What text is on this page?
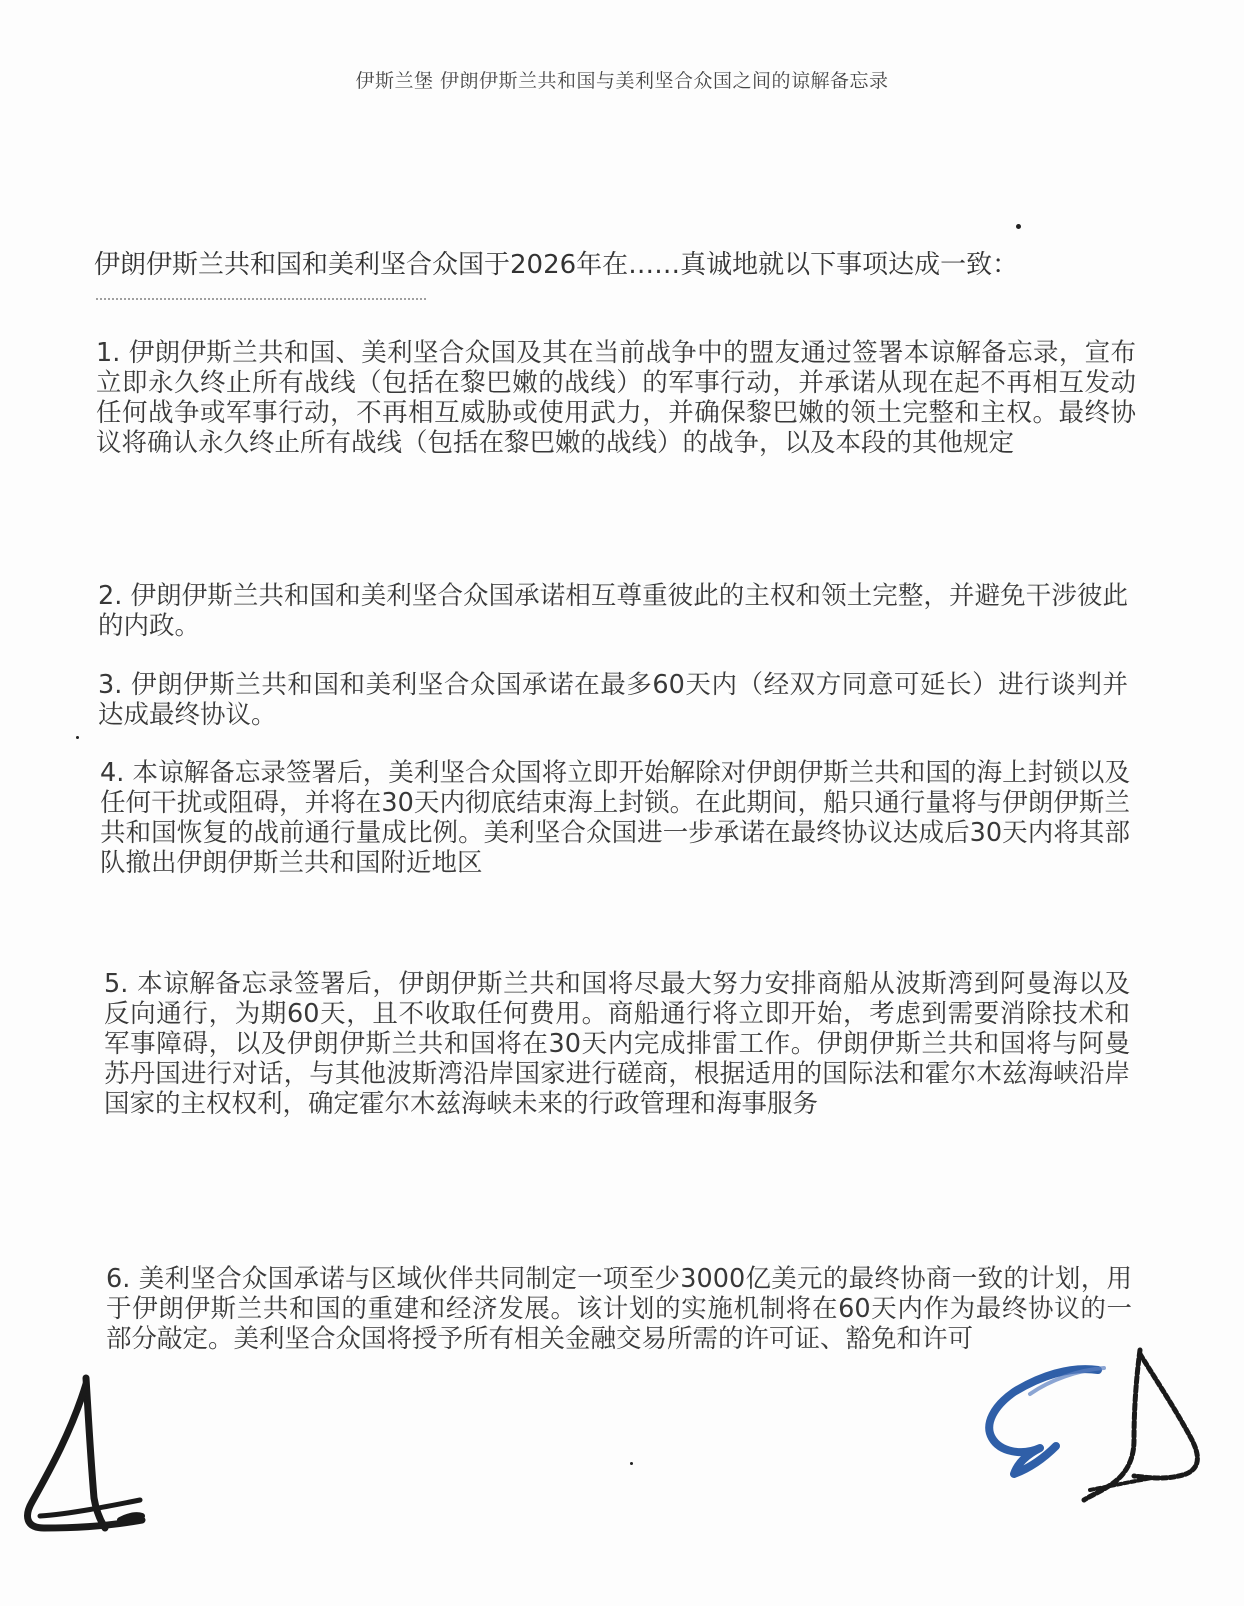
伊斯兰堡 伊朗伊斯兰共和国与美利坚合众国之间的谅解备忘录
伊朗伊斯兰共和国和美利坚合众国于2026年在……真诚地就以下事项达成一致：
1. 伊朗伊斯兰共和国、美利坚合众国及其在当前战争中的盟友通过签署本谅解备忘录，宣布立即永久终止所有战线（包括在黎巴嫩的战线）的军事行动，并承诺从现在起不再相互发动任何战争或军事行动，不再相互威胁或使用武力，并确保黎巴嫩的领土完整和主权。最终协议将确认永久终止所有战线（包括在黎巴嫩的战线）的战争，以及本段的其他规定
2. 伊朗伊斯兰共和国和美利坚合众国承诺相互尊重彼此的主权和领土完整，并避免干涉彼此的内政。
3. 伊朗伊斯兰共和国和美利坚合众国承诺在最多60天内（经双方同意可延长）进行谈判并达成最终协议。
4. 本谅解备忘录签署后，美利坚合众国将立即开始解除对伊朗伊斯兰共和国的海上封锁以及任何干扰或阻碍，并将在30天内彻底结束海上封锁。在此期间，船只通行量将与伊朗伊斯兰共和国恢复的战前通行量成比例。美利坚合众国进一步承诺在最终协议达成后30天内将其部队撤出伊朗伊斯兰共和国附近地区
5. 本谅解备忘录签署后，伊朗伊斯兰共和国将尽最大努力安排商船从波斯湾到阿曼海以及反向通行，为期60天，且不收取任何费用。商船通行将立即开始，考虑到需要消除技术和军事障碍，以及伊朗伊斯兰共和国将在30天内完成排雷工作。伊朗伊斯兰共和国将与阿曼苏丹国进行对话，与其他波斯湾沿岸国家进行磋商，根据适用的国际法和霍尔木兹海峡沿岸国家的主权权利，确定霍尔木兹海峡未来的行政管理和海事服务
6. 美利坚合众国承诺与区域伙伴共同制定一项至少3000亿美元的最终协商一致的计划，用于伊朗伊斯兰共和国的重建和经济发展。该计划的实施机制将在60天内作为最终协议的一部分敲定。美利坚合众国将授予所有相关金融交易所需的许可证、豁免和许可
